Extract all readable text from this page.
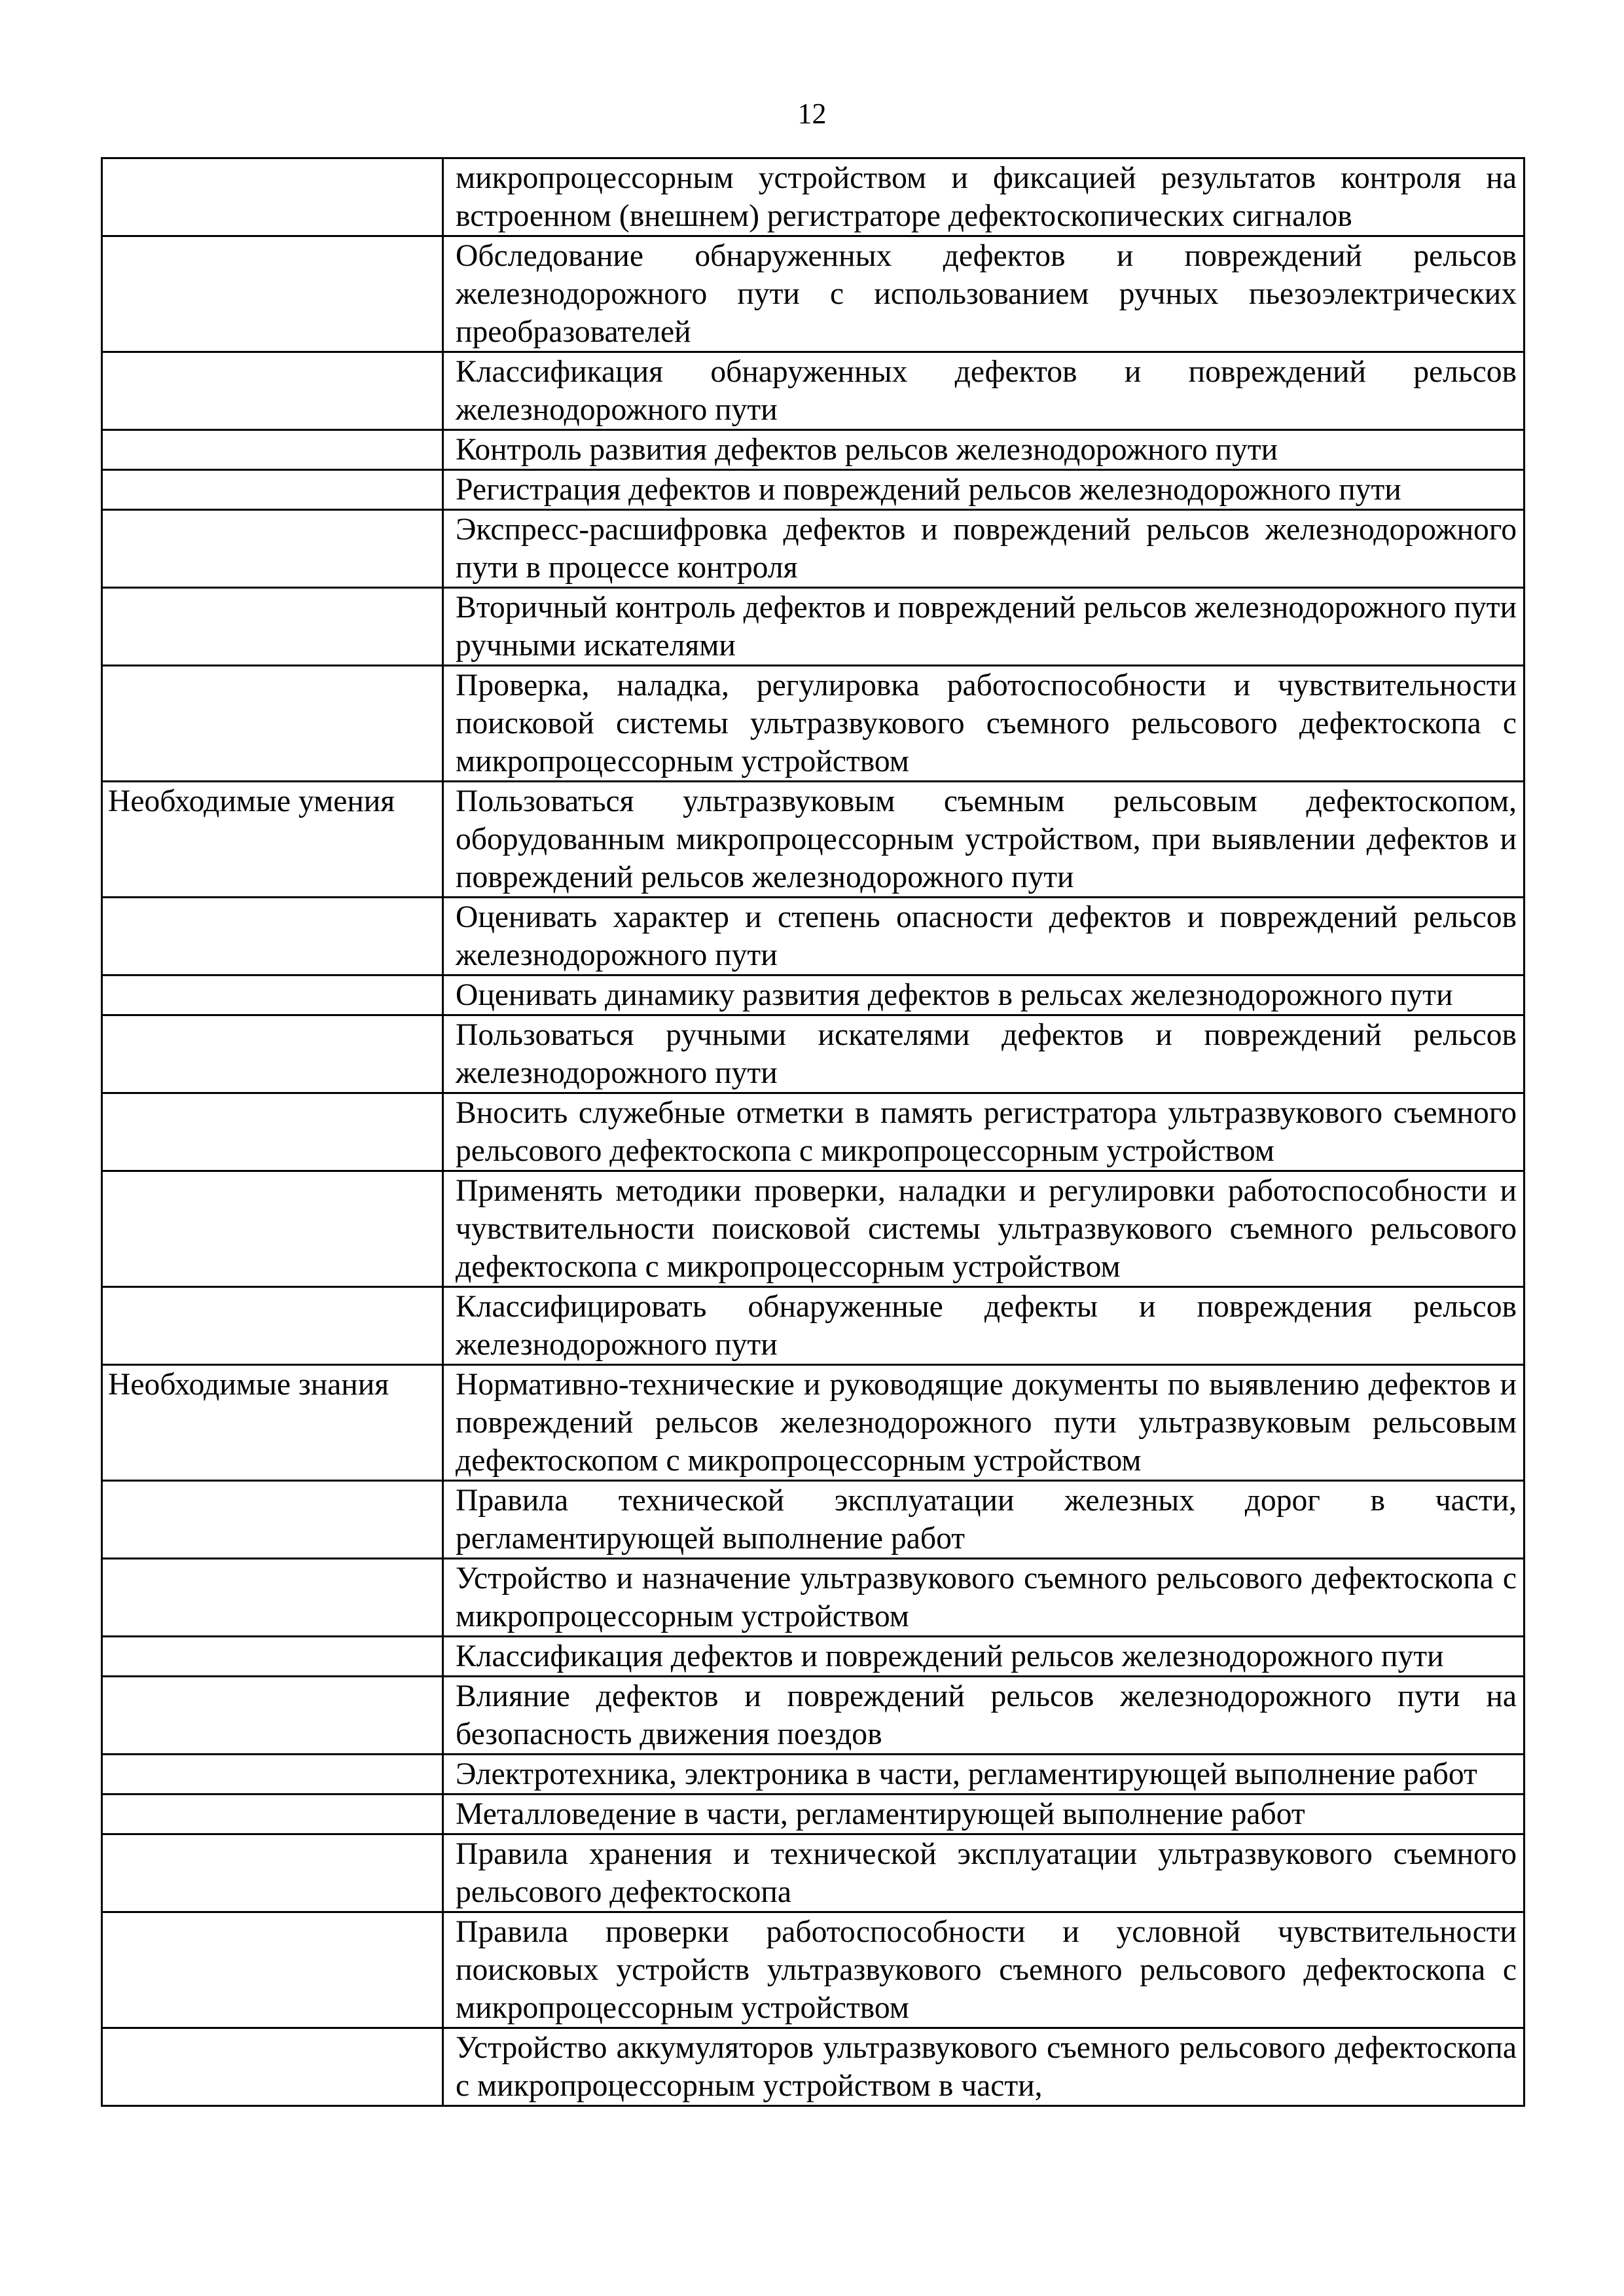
12
	микропроцессорным устройством и фиксацией результатов контроля на встроенном (внешнем) регистраторе дефектоскопических сигналов
	Обследование обнаруженных дефектов и повреждений рельсов железнодорожного пути с использованием ручных пьезоэлектрических преобразователей
	Классификация обнаруженных дефектов и повреждений рельсов железнодорожного пути
	Контроль развития дефектов рельсов железнодорожного пути
	Регистрация дефектов и повреждений рельсов железнодорожного пути
	Экспресс-расшифровка дефектов и повреждений рельсов железнодорожного пути в процессе контроля
	Вторичный контроль дефектов и повреждений рельсов железнодорожного пути ручными искателями
	Проверка, наладка, регулировка работоспособности и чувствительности поисковой системы ультразвукового съемного рельсового дефектоскопа с микропроцессорным устройством
Необходимые умения	Пользоваться ультразвуковым съемным рельсовым дефектоскопом, оборудованным микропроцессорным устройством, при выявлении дефектов и повреждений рельсов железнодорожного пути
	Оценивать характер и степень опасности дефектов и повреждений рельсов железнодорожного пути
	Оценивать динамику развития дефектов в рельсах железнодорожного пути
	Пользоваться ручными искателями дефектов и повреждений рельсов железнодорожного пути
	Вносить служебные отметки в память регистратора ультразвукового съемного рельсового дефектоскопа с микропроцессорным устройством
	Применять методики проверки, наладки и регулировки работоспособности и чувствительности поисковой системы ультразвукового съемного рельсового дефектоскопа с микропроцессорным устройством
	Классифицировать обнаруженные дефекты и повреждения рельсов железнодорожного пути
Необходимые знания	Нормативно-технические и руководящие документы по выявлению дефектов и повреждений рельсов железнодорожного пути ультразвуковым рельсовым дефектоскопом с микропроцессорным устройством
	Правила технической эксплуатации железных дорог в части, регламентирующей выполнение работ
	Устройство и назначение ультразвукового съемного рельсового дефектоскопа с микропроцессорным устройством
	Классификация дефектов и повреждений рельсов железнодорожного пути
	Влияние дефектов и повреждений рельсов железнодорожного пути на безопасность движения поездов
	Электротехника, электроника в части, регламентирующей выполнение работ
	Металловедение в части, регламентирующей выполнение работ
	Правила хранения и технической эксплуатации ультразвукового съемного рельсового дефектоскопа
	Правила проверки работоспособности и условной чувствительности поисковых устройств ультразвукового съемного рельсового дефектоскопа с микропроцессорным устройством
	Устройство аккумуляторов ультразвукового съемного рельсового дефектоскопа с микропроцессорным устройством в части,
